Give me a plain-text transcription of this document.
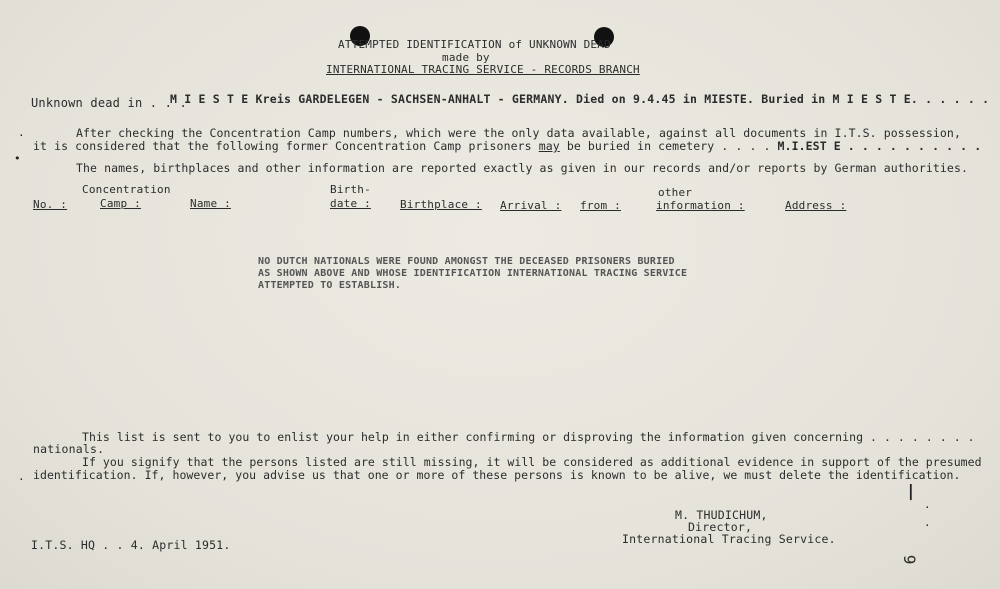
ATTEMPTED IDENTIFICATION of UNKNOWN DEAD
made by
INTERNATIONAL TRACING SERVICE - RECORDS BRANCH
Unknown dead in . . .
M I E S T E Kreis GARDELEGEN - SACHSEN-ANHALT - GERMANY. Died on 9.4.45 in MIESTE. Buried in M I E S T E. . . . . .
After checking the Concentration Camp numbers, which were the only data available, against all documents in I.T.S. possession,
it is considered that the following former Concentration Camp prisoners may be buried in cemetery . . . . M.I.EST E . . . . . . . . . .
The names, birthplaces and other information are reported exactly as given in our records and/or reports by German authorities.
Concentration	Birth-	other
No. :	Camp :	Name :	date :	Birthplace : Arrival : from :	information :	Address :
NO DUTCH NATIONALS WERE FOUND AMONGST THE DECEASED PRISONERS BURIED
AS SHOWN ABOVE AND WHOSE IDENTIFICATION INTERNATIONAL TRACING SERVICE
ATTEMPTED TO ESTABLISH.
This list is sent to you to enlist your help in either confirming or disproving the information given concerning . . . . . . . .
nationals.
If you signify that the persons listed are still missing, it will be considered as additional evidence in support of the presumed
identification. If, however, you advise us that one or more of these persons is known to be alive, we must delete the identification.
M. THUDICHUM,
Director,
International Tracing Service.
I.T.S. HQ . . 4. April 1951.
6
.
•
.
|
.
.
